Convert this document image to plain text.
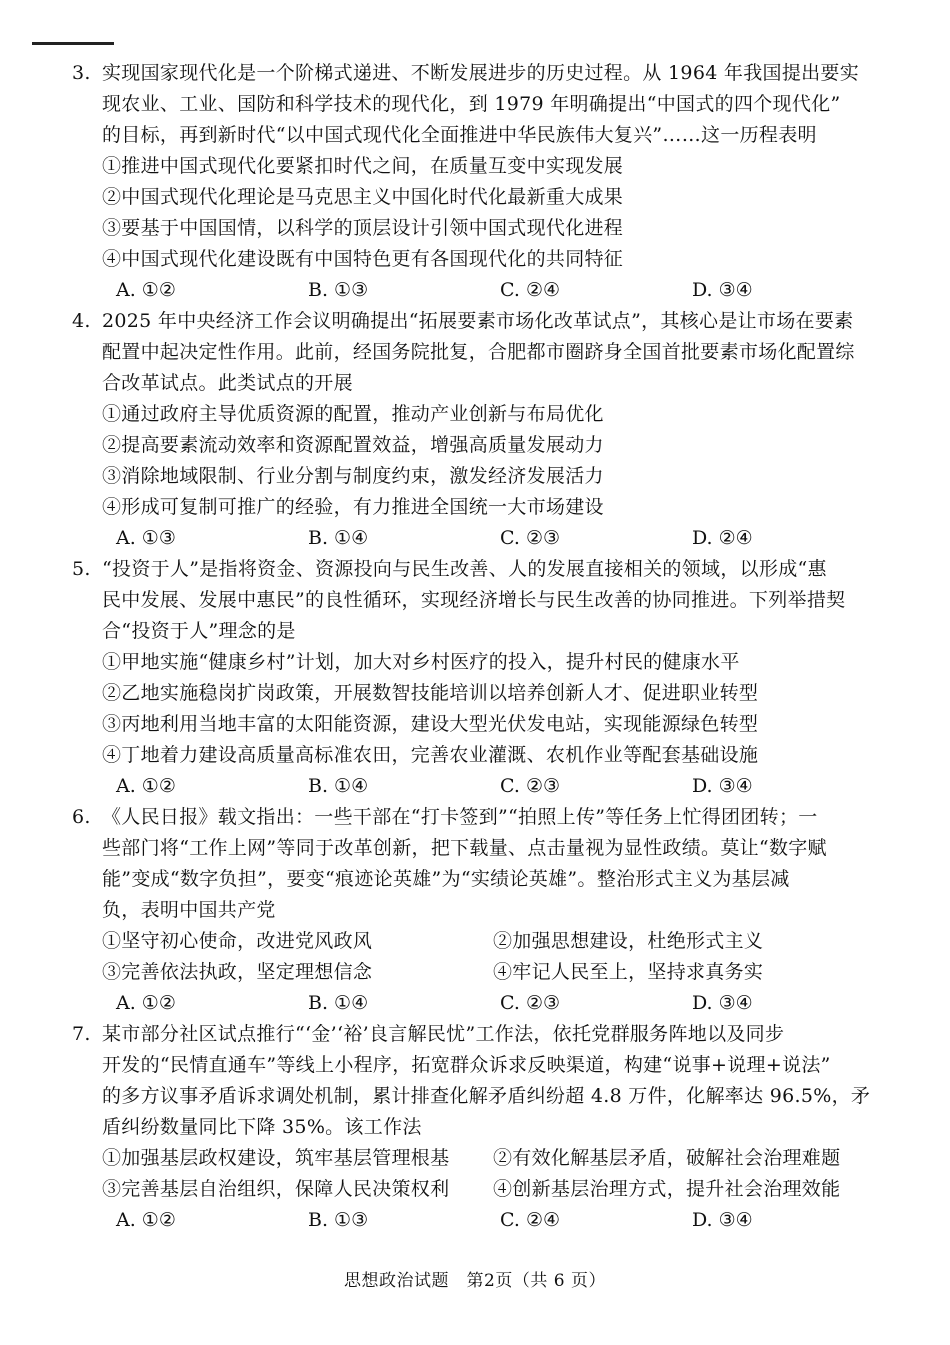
3. 实现国家现代化是一个阶梯式递进、不断发展进步的历史过程。从 1964 年我国提出要实
现农业、工业、国防和科学技术的现代化，到 1979 年明确提出“中国式的四个现代化”
的目标，再到新时代“以中国式现代化全面推进中华民族伟大复兴”……这一历程表明
①推进中国式现代化要紧扣时代之间，在质量互变中实现发展
②中国式现代化理论是马克思主义中国化时代化最新重大成果
③要基于中国国情，以科学的顶层设计引领中国式现代化进程
④中国式现代化建设既有中国特色更有各国现代化的共同特征
A. ①②	B. ①③	C. ②④	D. ③④
4. 2025 年中央经济工作会议明确提出“拓展要素市场化改革试点”，其核心是让市场在要素
配置中起决定性作用。此前，经国务院批复，合肥都市圈跻身全国首批要素市场化配置综
合改革试点。此类试点的开展
①通过政府主导优质资源的配置，推动产业创新与布局优化
②提高要素流动效率和资源配置效益，增强高质量发展动力
③消除地域限制、行业分割与制度约束，激发经济发展活力
④形成可复制可推广的经验，有力推进全国统一大市场建设
A. ①③	B. ①④	C. ②③	D. ②④
5. “投资于人”是指将资金、资源投向与民生改善、人的发展直接相关的领域，以形成“惠
民中发展、发展中惠民”的良性循环，实现经济增长与民生改善的协同推进。下列举措契
合“投资于人”理念的是
①甲地实施“健康乡村”计划，加大对乡村医疗的投入，提升村民的健康水平
②乙地实施稳岗扩岗政策，开展数智技能培训以培养创新人才、促进职业转型
③丙地利用当地丰富的太阳能资源，建设大型光伏发电站，实现能源绿色转型
④丁地着力建设高质量高标准农田，完善农业灌溉、农机作业等配套基础设施
A. ①②	B. ①④	C. ②③	D. ③④
6. 《人民日报》载文指出：一些干部在“打卡签到”“拍照上传”等任务上忙得团团转；一
些部门将“工作上网”等同于改革创新，把下载量、点击量视为显性政绩。莫让“数字赋
能”变成“数字负担”，要变“痕迹论英雄”为“实绩论英雄”。整治形式主义为基层减
负，表明中国共产党
①坚守初心使命，改进党风政风	②加强思想建设，杜绝形式主义
③完善依法执政，坚定理想信念	④牢记人民至上，坚持求真务实
A. ①②	B. ①④	C. ②③	D. ③④
7. 某市部分社区试点推行“‘金’‘裕’良言解民忧”工作法，依托党群服务阵地以及同步
开发的“民情直通车”等线上小程序，拓宽群众诉求反映渠道，构建“说事+说理+说法”
的多方议事矛盾诉求调处机制，累计排查化解矛盾纠纷超 4.8 万件，化解率达 96.5%，矛
盾纠纷数量同比下降 35%。该工作法
①加强基层政权建设，筑牢基层管理根基	②有效化解基层矛盾，破解社会治理难题
③完善基层自治组织，保障人民决策权利	④创新基层治理方式，提升社会治理效能
A. ①②	B. ①③	C. ②④	D. ③④
思想政治试题　第2页（共 6 页）
